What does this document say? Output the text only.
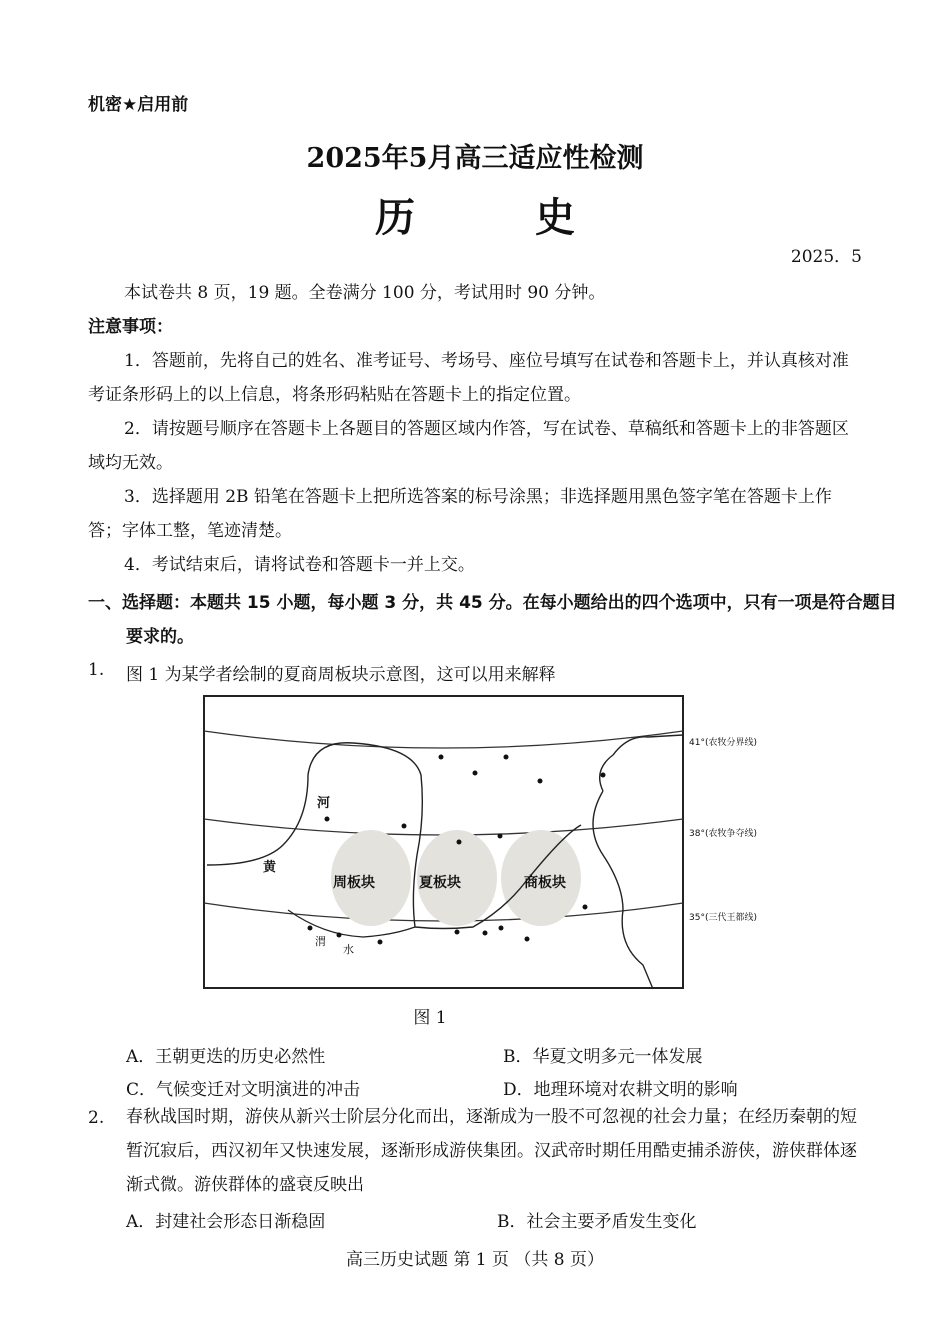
机密★启用前
2025年5月高三适应性检测
历　史
2025．5
本试卷共 8 页，19 题。全卷满分 100 分，考试用时 90 分钟。
注意事项：
1．答题前，先将自己的姓名、准考证号、考场号、座位号填写在试卷和答题卡上，并认真核对准考证条形码上的以上信息，将条形码粘贴在答题卡上的指定位置。
2．请按题号顺序在答题卡上各题目的答题区域内作答，写在试卷、草稿纸和答题卡上的非答题区域均无效。
3．选择题用 2B 铅笔在答题卡上把所选答案的标号涂黑；非选择题用黑色签字笔在答题卡上作答；字体工整，笔迹清楚。
4．考试结束后，请将试卷和答题卡一并上交。
一、选择题：本题共 15 小题，每小题 3 分，共 45 分。在每小题给出的四个选项中，只有一项是符合题目要求的。
1. 图 1 为某学者绘制的夏商周板块示意图，这可以用来解释
周板块	夏板块	商板块
河
黄
渭
水
41°(农牧分界线)
38°(农牧争夺线)
35°(三代王都线)
图 1
A．王朝更迭的历史必然性	B．华夏文明多元一体发展
C．气候变迁对文明演进的冲击	D．地理环境对农耕文明的影响
2. 春秋战国时期，游侠从新兴士阶层分化而出，逐渐成为一股不可忽视的社会力量；在经历秦朝的短暂沉寂后，西汉初年又快速发展，逐渐形成游侠集团。汉武帝时期任用酷吏捕杀游侠，游侠群体逐渐式微。游侠群体的盛衰反映出
A．封建社会形态日渐稳固	B．社会主要矛盾发生变化
高三历史试题 第 1 页 （共 8 页）
